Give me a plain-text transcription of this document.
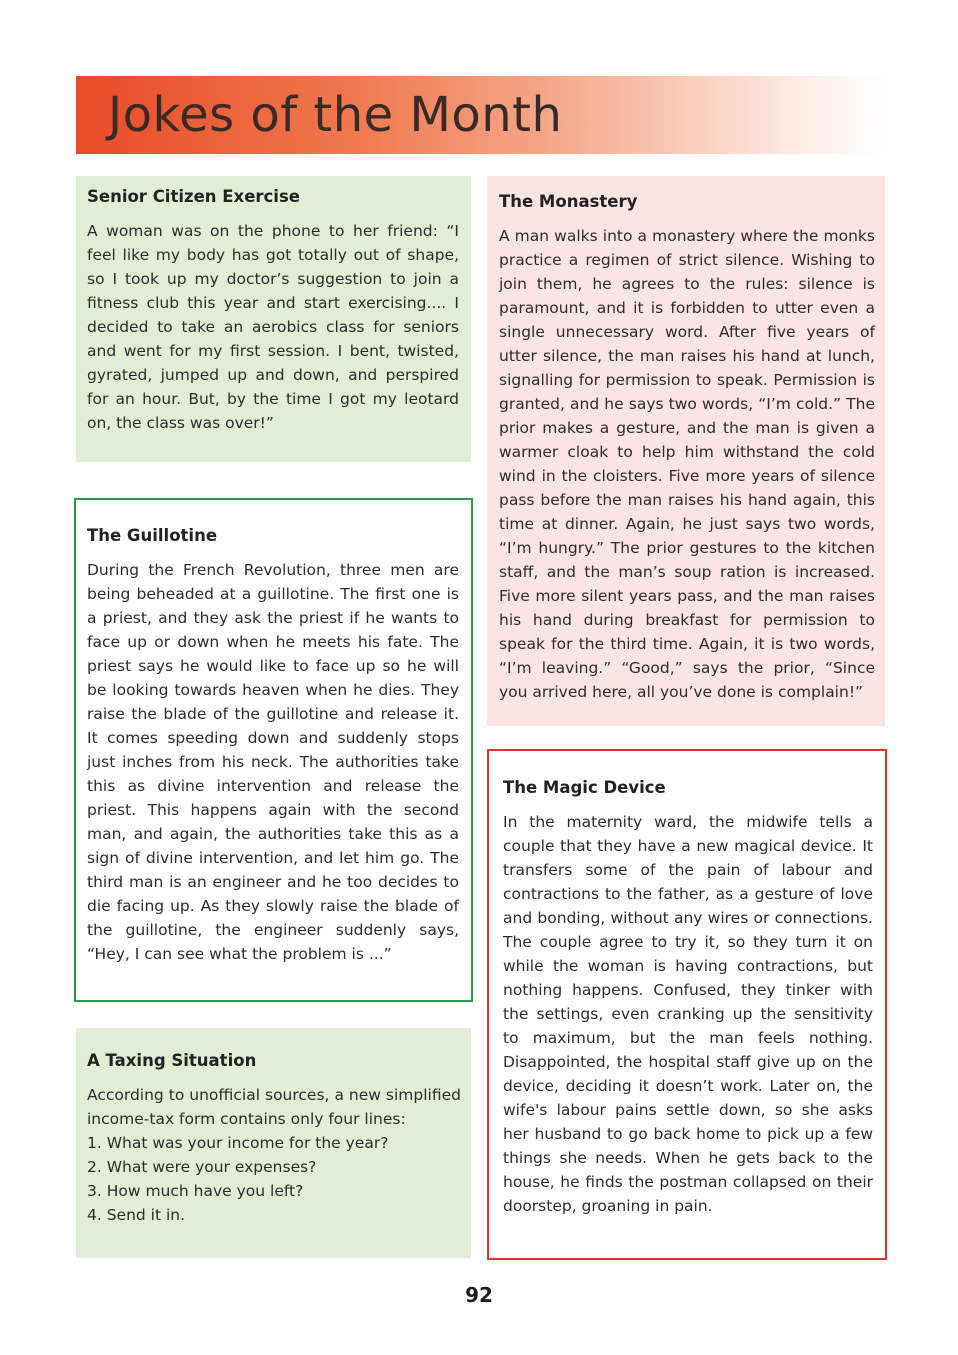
Jokes of the Month
Senior Citizen Exercise

A woman was on the phone to her friend: “I feel like my body has got totally out of shape, so I took up my doctor’s suggestion to join a fitness club this year and start exercising.... I decided to take an aerobics class for seniors and went for my first session. I bent, twisted, gyrated, jumped up and down, and perspired for an hour. But, by the time I got my leotard on, the class was over!”

The Guillotine

During the French Revolution, three men are being beheaded at a guillotine. The first one is a priest, and they ask the priest if he wants to face up or down when he meets his fate. The priest says he would like to face up so he will be looking towards heaven when he dies. They raise the blade of the guillotine and release it. It comes speeding down and suddenly stops just inches from his neck. The authorities take this as divine intervention and release the priest. This happens again with the second man, and again, the authorities take this as a sign of divine intervention, and let him go. The third man is an engineer and he too decides to die facing up. As they slowly raise the blade of the guillotine, the engineer suddenly says, “Hey, I can see what the problem is ...”

A Taxing Situation

According to unofficial sources, a new simplified income-tax form contains only four lines:

1. What was your income for the year?
2. What were your expenses?
3. How much have you left?
4. Send it in.
The Monastery

A man walks into a monastery where the monks practice a regimen of strict silence. Wishing to join them, he agrees to the rules: silence is paramount, and it is forbidden to utter even a single unnecessary word. After five years of utter silence, the man raises his hand at lunch, signalling for permission to speak. Permission is granted, and he says two words, “I’m cold.” The prior makes a gesture, and the man is given a warmer cloak to help him withstand the cold wind in the cloisters. Five more years of silence pass before the man raises his hand again, this time at dinner. Again, he just says two words, “I’m hungry.” The prior gestures to the kitchen staff, and the man’s soup ration is increased. Five more silent years pass, and the man raises his hand during breakfast for permission to speak for the third time. Again, it is two words, “I’m leaving.” “Good,” says the prior, “Since you arrived here, all you’ve done is complain!”

The Magic Device

In the maternity ward, the midwife tells a couple that they have a new magical device. It transfers some of the pain of labour and contractions to the father, as a gesture of love and bonding, without any wires or connections. The couple agree to try it, so they turn it on while the woman is having contractions, but nothing happens. Confused, they tinker with the settings, even cranking up the sensitivity to maximum, but the man feels nothing. Disappointed, the hospital staff give up on the device, deciding it doesn’t work. Later on, the wife's labour pains settle down, so she asks her husband to go back home to pick up a few things she needs. When he gets back to the house, he finds the postman collapsed on their doorstep, groaning in pain.

92
